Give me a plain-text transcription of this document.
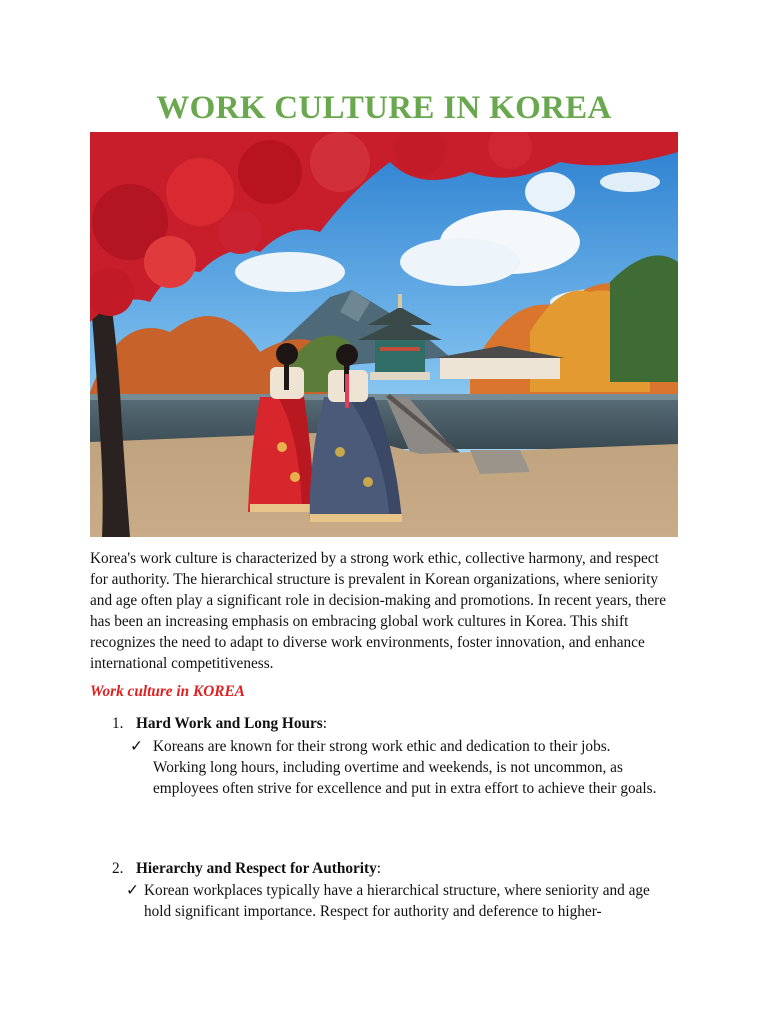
WORK CULTURE IN KOREA
Korea's work culture is characterized by a strong work ethic, collective harmony, and respect for authority. The hierarchical structure is prevalent in Korean organizations, where seniority and age often play a significant role in decision-making and promotions. In recent years, there has been an increasing emphasis on embracing global work cultures in Korea. This shift recognizes the need to adapt to diverse work environments, foster innovation, and enhance international competitiveness.
Work culture in KOREA
1. Hard Work and Long Hours:
✓ Koreans are known for their strong work ethic and dedication to their jobs. Working long hours, including overtime and weekends, is not uncommon, as employees often strive for excellence and put in extra effort to achieve their goals.
2. Hierarchy and Respect for Authority:
✓ Korean workplaces typically have a hierarchical structure, where seniority and age hold significant importance. Respect for authority and deference to higher-
